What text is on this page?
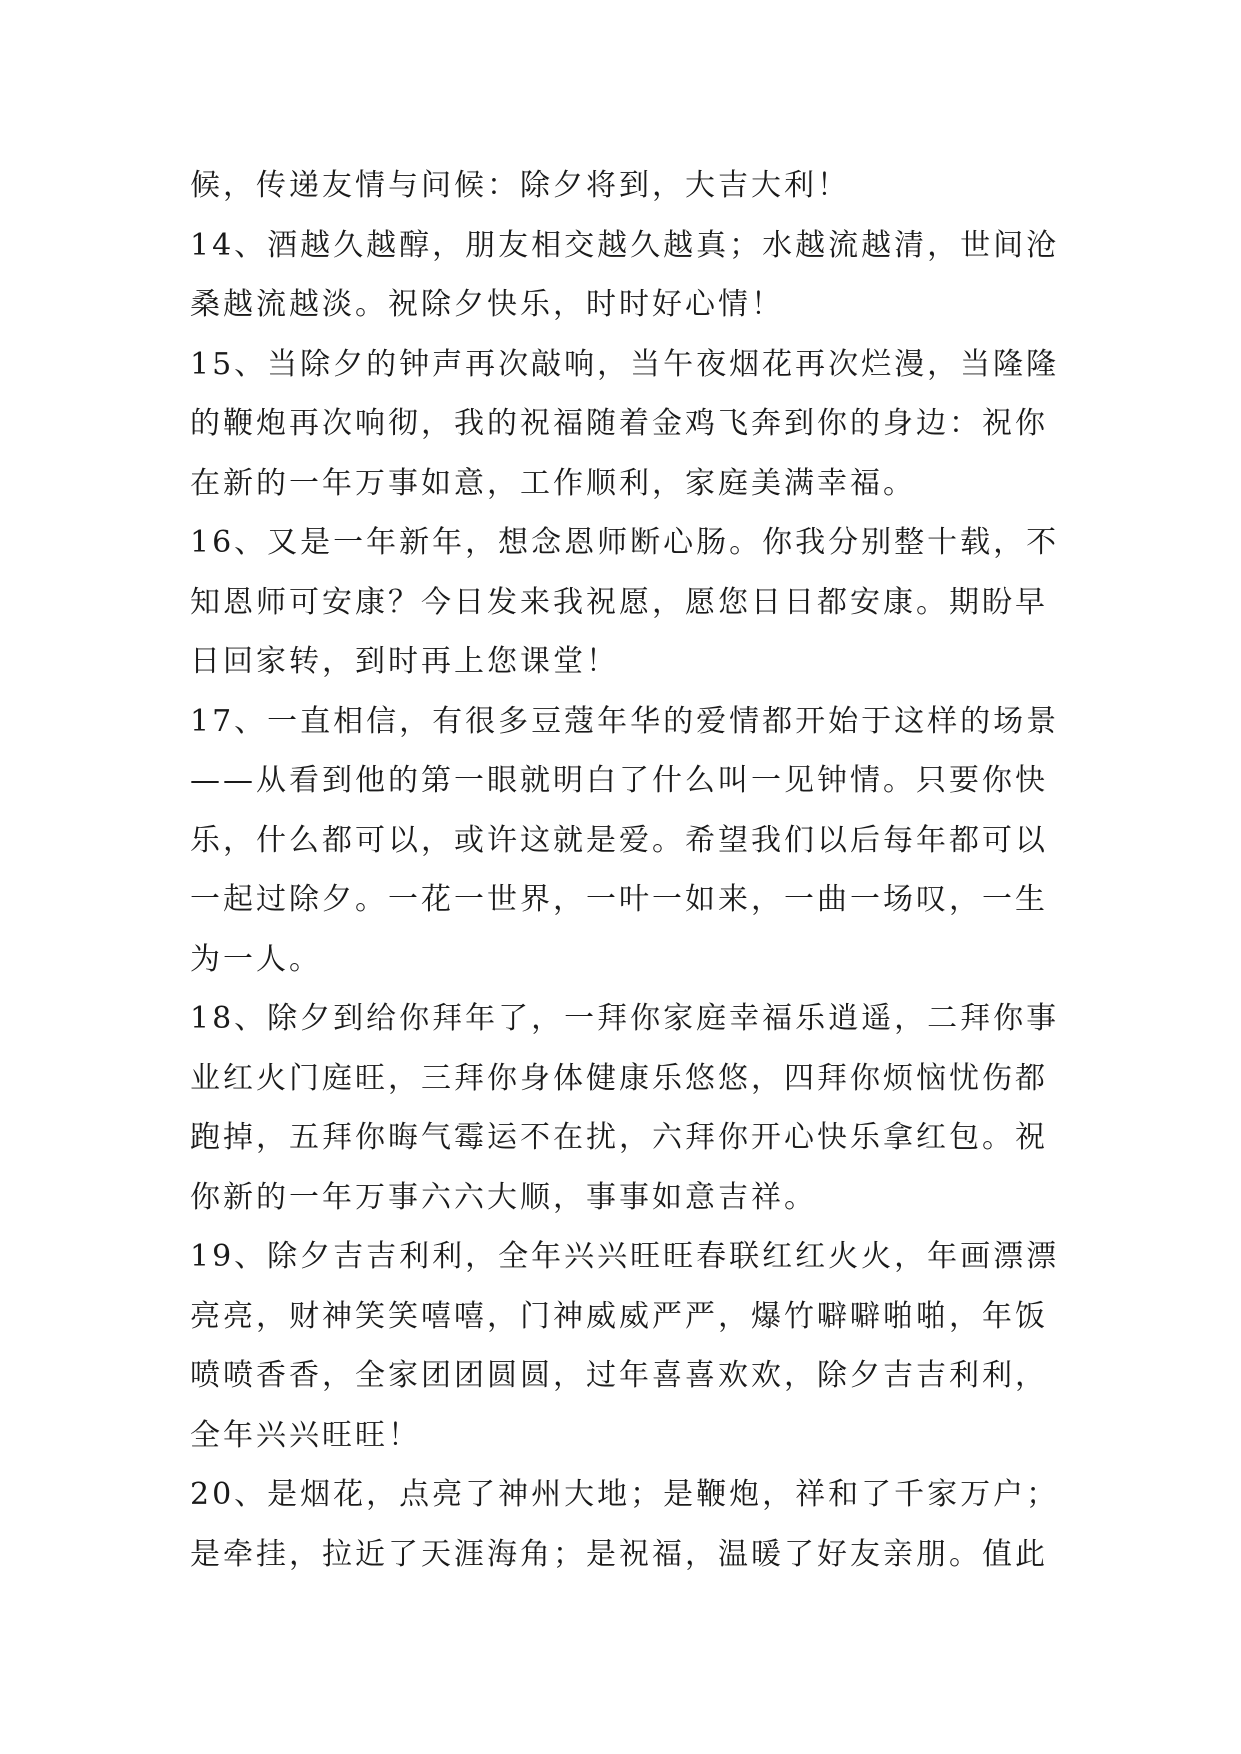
候，传递友情与问候：除夕将到，大吉大利！
14、酒越久越醇，朋友相交越久越真；水越流越清，世间沧
桑越流越淡。祝除夕快乐，时时好心情！
15、当除夕的钟声再次敲响，当午夜烟花再次烂漫，当隆隆
的鞭炮再次响彻，我的祝福随着金鸡飞奔到你的身边：祝你
在新的一年万事如意，工作顺利，家庭美满幸福。
16、又是一年新年，想念恩师断心肠。你我分别整十载，不
知恩师可安康？今日发来我祝愿，愿您日日都安康。期盼早
日回家转，到时再上您课堂！
17、一直相信，有很多豆蔻年华的爱情都开始于这样的场景
——从看到他的第一眼就明白了什么叫一见钟情。只要你快
乐，什么都可以，或许这就是爱。希望我们以后每年都可以
一起过除夕。一花一世界，一叶一如来，一曲一场叹，一生
为一人。
18、除夕到给你拜年了，一拜你家庭幸福乐逍遥，二拜你事
业红火门庭旺，三拜你身体健康乐悠悠，四拜你烦恼忧伤都
跑掉，五拜你晦气霉运不在扰，六拜你开心快乐拿红包。祝
你新的一年万事六六大顺，事事如意吉祥。
19、除夕吉吉利利，全年兴兴旺旺春联红红火火，年画漂漂
亮亮，财神笑笑嘻嘻，门神威威严严，爆竹噼噼啪啪，年饭
喷喷香香，全家团团圆圆，过年喜喜欢欢，除夕吉吉利利，
全年兴兴旺旺！
20、是烟花，点亮了神州大地；是鞭炮，祥和了千家万户；
是牵挂，拉近了天涯海角；是祝福，温暖了好友亲朋。值此
